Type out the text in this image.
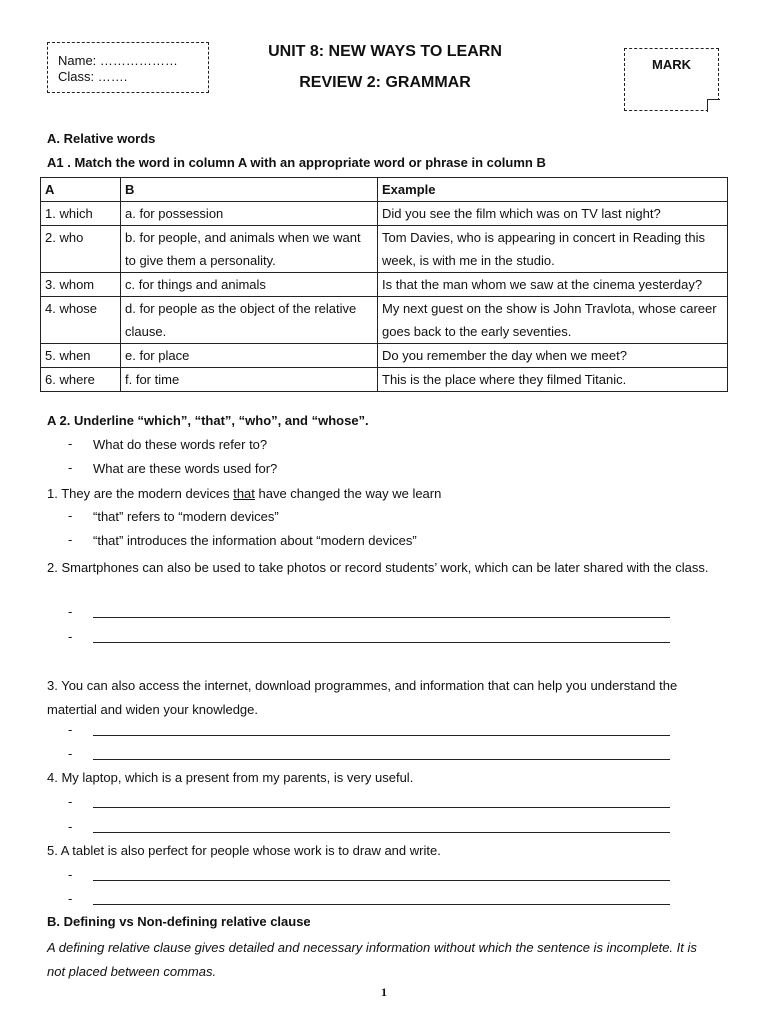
Name: ………………
Class: …….
UNIT 8: NEW WAYS TO LEARN
REVIEW 2: GRAMMAR
MARK
A. Relative words
A1 . Match the word in column A with an appropriate word or phrase in column B
A	B	Example
1. which	a. for possession	Did you see the film which was on TV last night?
2. who	b. for people, and animals when we want to give them a personality.	Tom Davies, who is appearing in concert in Reading this week, is with me in the studio.
3. whom	c. for things and animals	Is that the man whom we saw at the cinema yesterday?
4. whose	d. for people as the object of the relative clause.	My next guest on the show is John Travlota, whose career goes back to the early seventies.
5. when	e. for place	Do you remember the day when we meet?
6. where	f. for time	This is the place where they filmed Titanic.
A 2. Underline “which”, “that”, “who”, and “whose”.
- What do these words refer to?
- What are these words used for?
1. They are the modern devices that have changed the way we learn
- “that” refers to “modern devices”
- “that” introduces the information about “modern devices”
2. Smartphones can also be used to take photos or record students’ work, which can be later shared with the class.
-
-
3. You can also access the internet, download programmes, and information that can help you understand the matertial and widen your knowledge.
-
-
4. My laptop, which is a present from my parents, is very useful.
-
-
5. A tablet is also perfect for people whose work is to draw and write.
-
-
B. Defining vs Non-defining relative clause
A defining relative clause gives detailed and necessary information without which the sentence is incomplete. It is not placed between commas.
1
